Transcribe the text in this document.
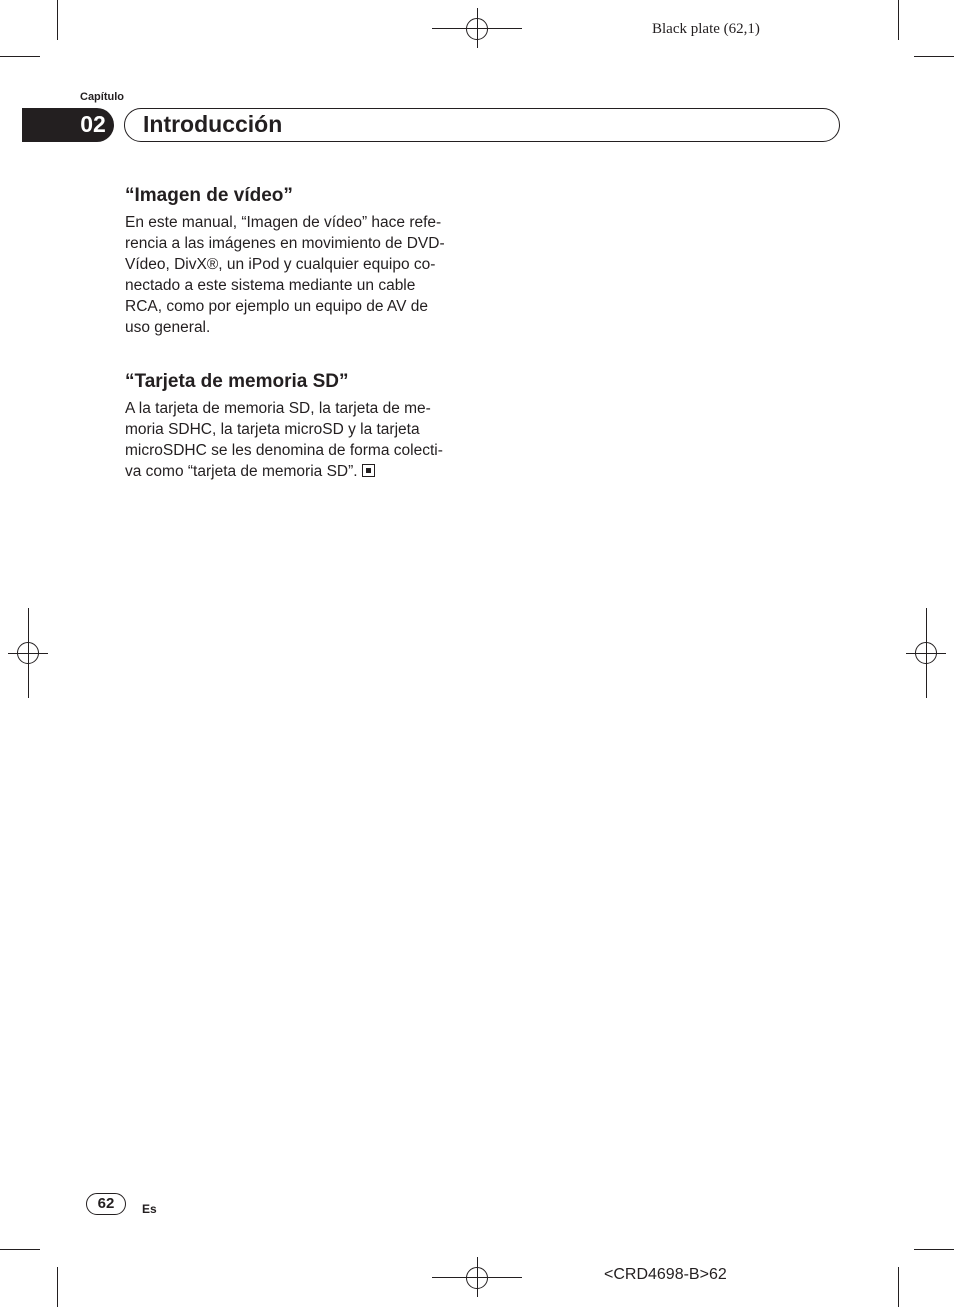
Black plate (62,1)
Capítulo
02 Introducción
“Imagen de vídeo”

En este manual, “Imagen de vídeo” hace refe-
rencia a las imágenes en movimiento de DVD-
Vídeo, DivX®, un iPod y cualquier equipo co-
nectado a este sistema mediante un cable
RCA, como por ejemplo un equipo de AV de
uso general.

“Tarjeta de memoria SD”

A la tarjeta de memoria SD, la tarjeta de me-
moria SDHC, la tarjeta microSD y la tarjeta
microSDHC se les denomina de forma colecti-
va como “tarjeta de memoria SD”.

62	Es
<CRD4698-B>62
